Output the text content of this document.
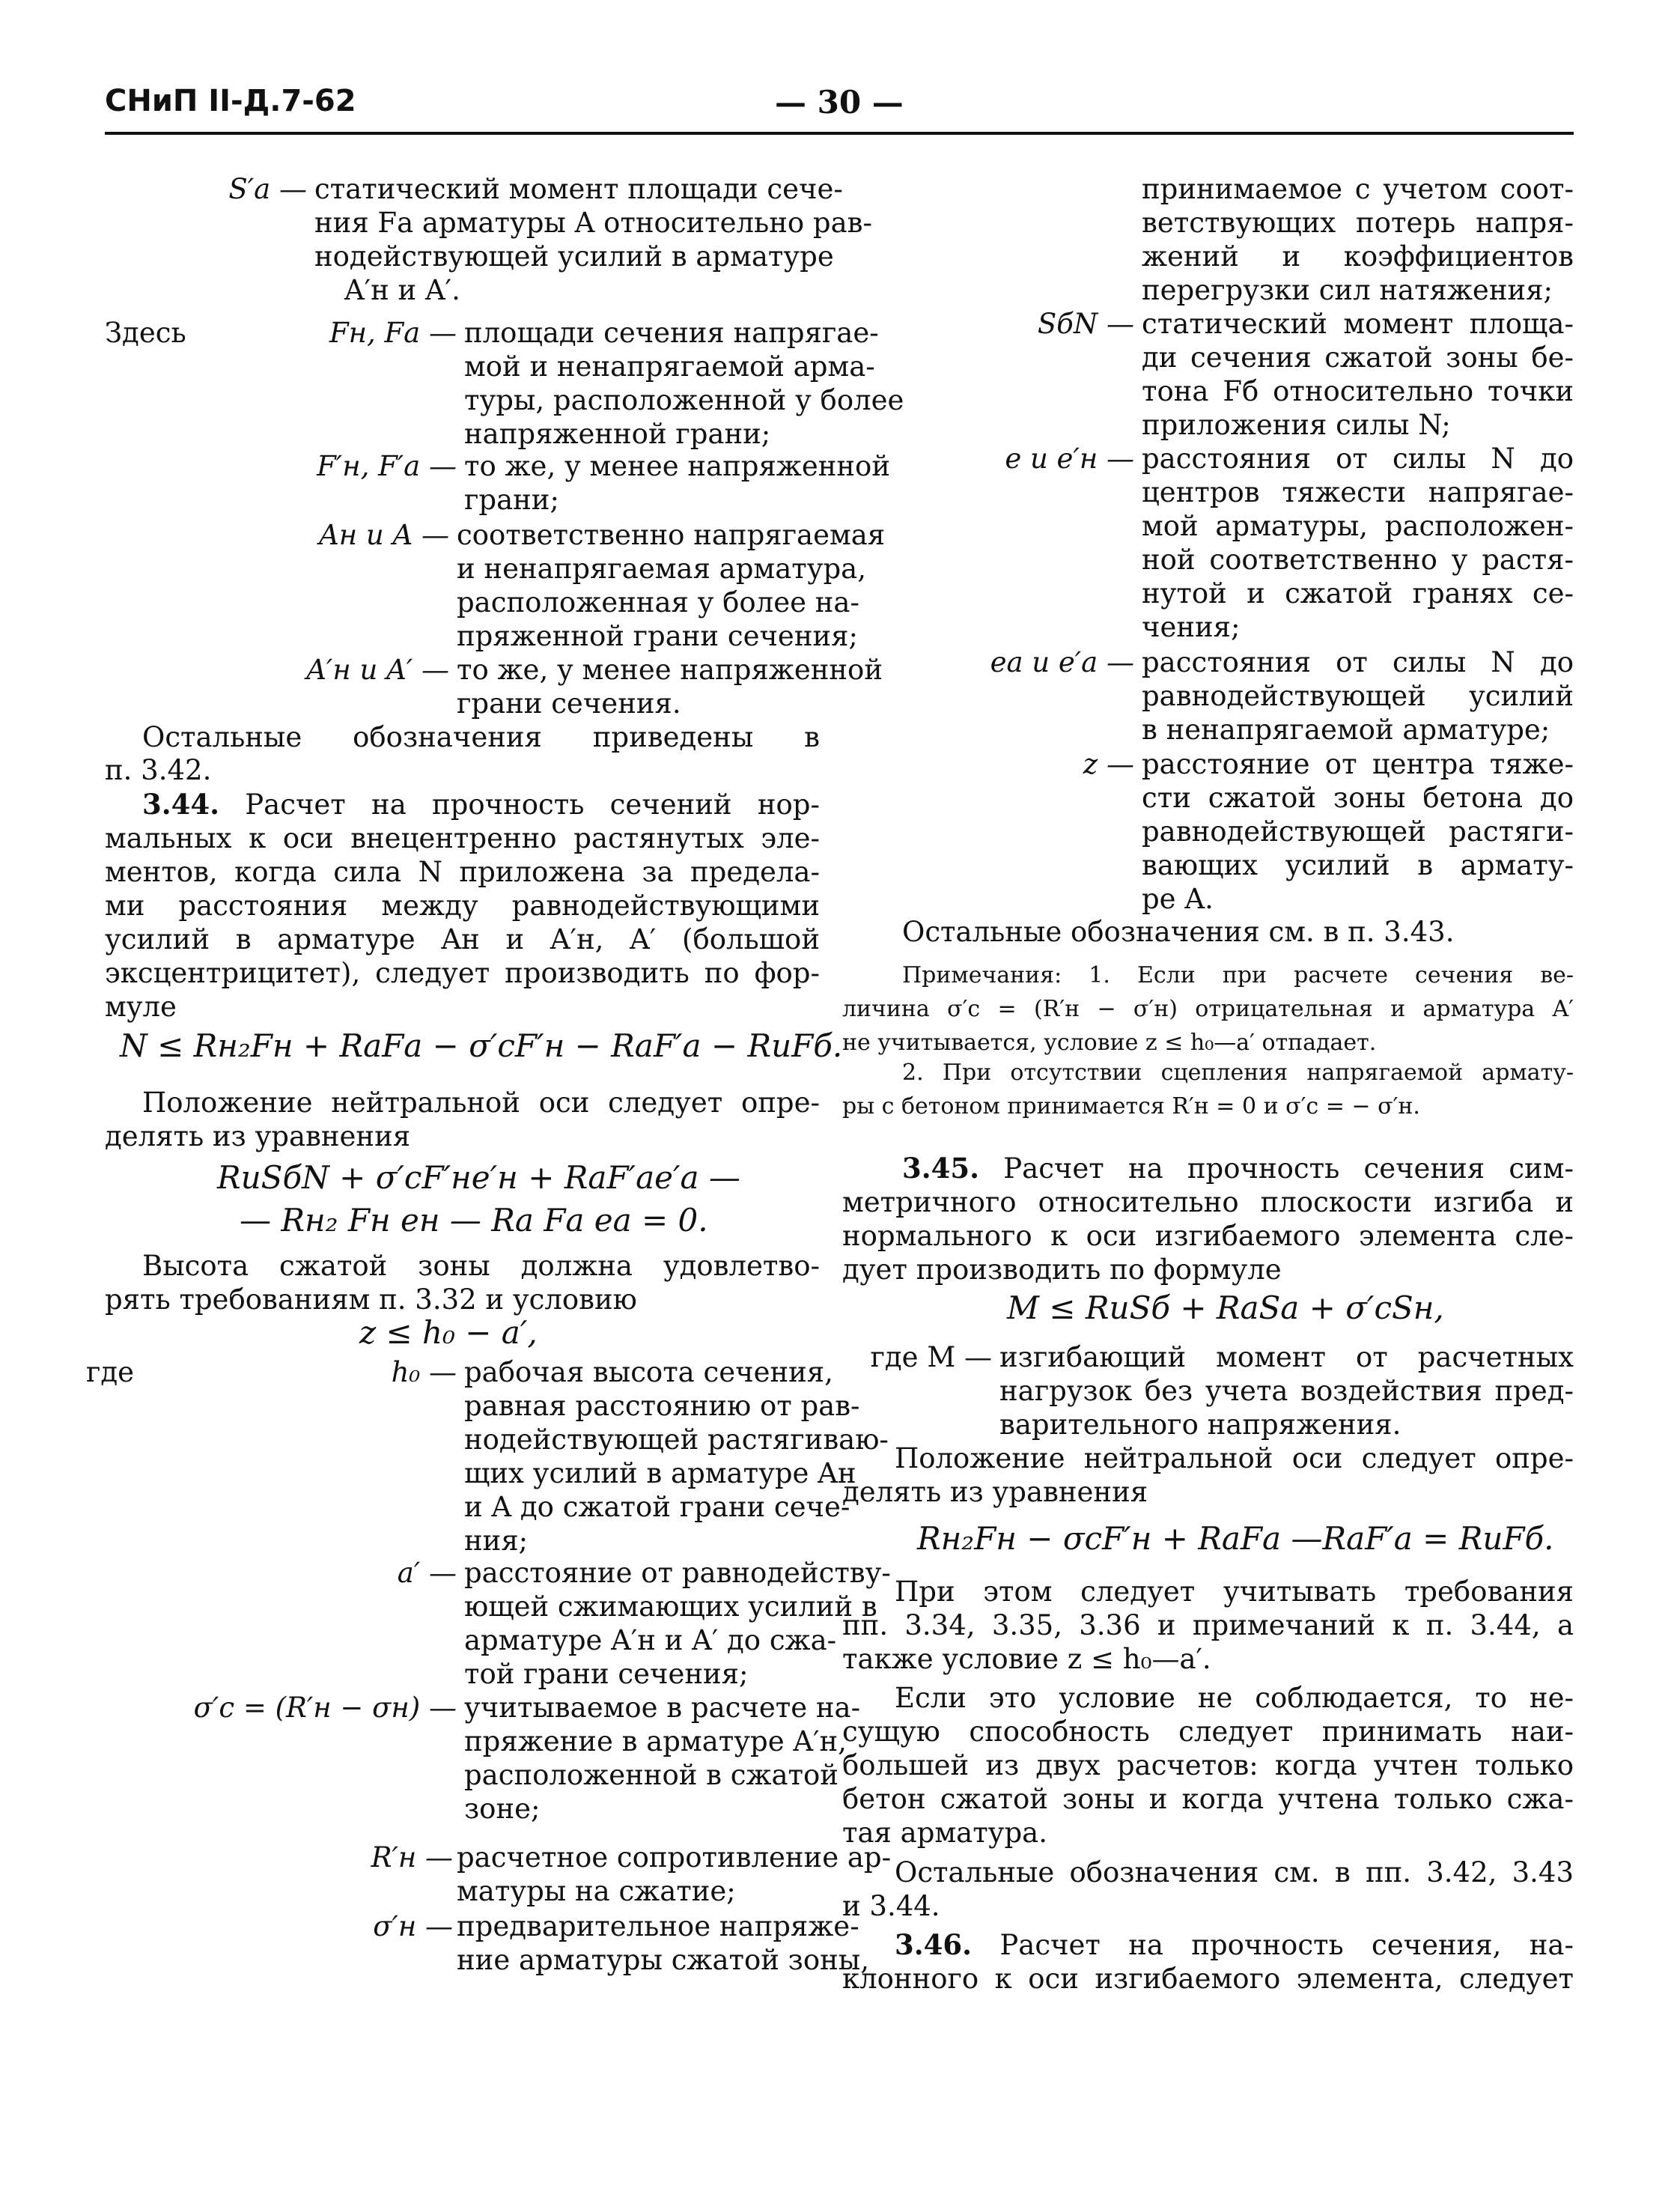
СНиП II-Д.7-62	— 30 —
S′а — статический момент площади сече-
ния Fа арматуры A относительно рав-
нодействующей усилий в арматуре
A′н и A′.
Здесь	Fн, Fа — площади сечения напрягае-
мой и ненапрягаемой арма-
туры, расположенной у более
напряженной грани;
F′н, F′а — то же, у менее напряженной
грани;
Aн и A — соответственно напрягаемая
и ненапрягаемая арматура,
расположенная у более на-
пряженной грани сечения;
A′н и A′ — то же, у менее напряженной
грани сечения.
Остальные обозначения приведены в
п. 3.42.
3.44. Расчет на прочность сечений нор-
мальных к оси внецентренно растянутых эле-
ментов, когда сила N приложена за предела-
ми расстояния между равнодействующими
усилий в арматуре Aн и A′н, A′ (большой
эксцентрицитет), следует производить по фор-
муле
N ≤ Rн₂Fн + RаFа − σ′сF′н − RаF′а − RиFб.
Положение нейтральной оси следует опре-
делять из уравнения
RиSбN + σ′сF′нe′н + RаF′аe′а —
— Rн₂ Fн eн — Rа Fа eа = 0.
Высота сжатой зоны должна удовлетво-
рять требованиям п. 3.32 и условию
z ≤ h₀ − a′,
где	h₀ — рабочая высота сечения,
равная расстоянию от рав-
нодействующей растягиваю-
щих усилий в арматуре Aн
и A до сжатой грани сече-
ния;
a′ — расстояние от равнодейству-
ющей сжимающих усилий в
арматуре A′н и A′ до сжа-
той грани сечения;
σ′с = (R′н − σн) — учитываемое в расчете на-
пряжение в арматуре A′н,
расположенной в сжатой
зоне;
R′н — расчетное сопротивление ар-
матуры на сжатие;
σ′н — предварительное напряже-
ние арматуры сжатой зоны,
принимаемое с учетом соот-
ветствующих потерь напря-
жений и коэффициентов
перегрузки сил натяжения;
SбN — статический момент площа-
ди сечения сжатой зоны бе-
тона Fб относительно точки
приложения силы N;
e и e′н — расстояния от силы N до
центров тяжести напрягае-
мой арматуры, расположен-
ной соответственно у растя-
нутой и сжатой гранях се-
чения;
eа и e′а — расстояния от силы N до
равнодействующей усилий
в ненапрягаемой арматуре;
z — расстояние от центра тяже-
сти сжатой зоны бетона до
равнодействующей растяги-
вающих усилий в армату-
ре A.
Остальные обозначения см. в п. 3.43.
Примечания: 1. Если при расчете сечения ве-
личина σ′с = (R′н − σ′н) отрицательная и арматура A′
не учитывается, условие z ≤ h₀—a′ отпадает.
2. При отсутствии сцепления напрягаемой армату-
ры с бетоном принимается R′н = 0 и σ′с = − σ′н.
3.45. Расчет на прочность сечения сим-
метричного относительно плоскости изгиба и
нормального к оси изгибаемого элемента сле-
дует производить по формуле
M ≤ RиSб + RаSа + σ′сSн,
где M — изгибающий момент от расчетных
нагрузок без учета воздействия пред-
варительного напряжения.
Положение нейтральной оси следует опре-
делять из уравнения
Rн₂Fн − σсF′н + RаFа —RаF′а = RиFб.
При этом следует учитывать требования
пп. 3.34, 3.35, 3.36 и примечаний к п. 3.44, а
также условие z ≤ h₀—a′.
Если это условие не соблюдается, то не-
сущую способность следует принимать наи-
большей из двух расчетов: когда учтен только
бетон сжатой зоны и когда учтена только сжа-
тая арматура.
Остальные обозначения см. в пп. 3.42, 3.43
и 3.44.
3.46. Расчет на прочность сечения, на-
клонного к оси изгибаемого элемента, следует
